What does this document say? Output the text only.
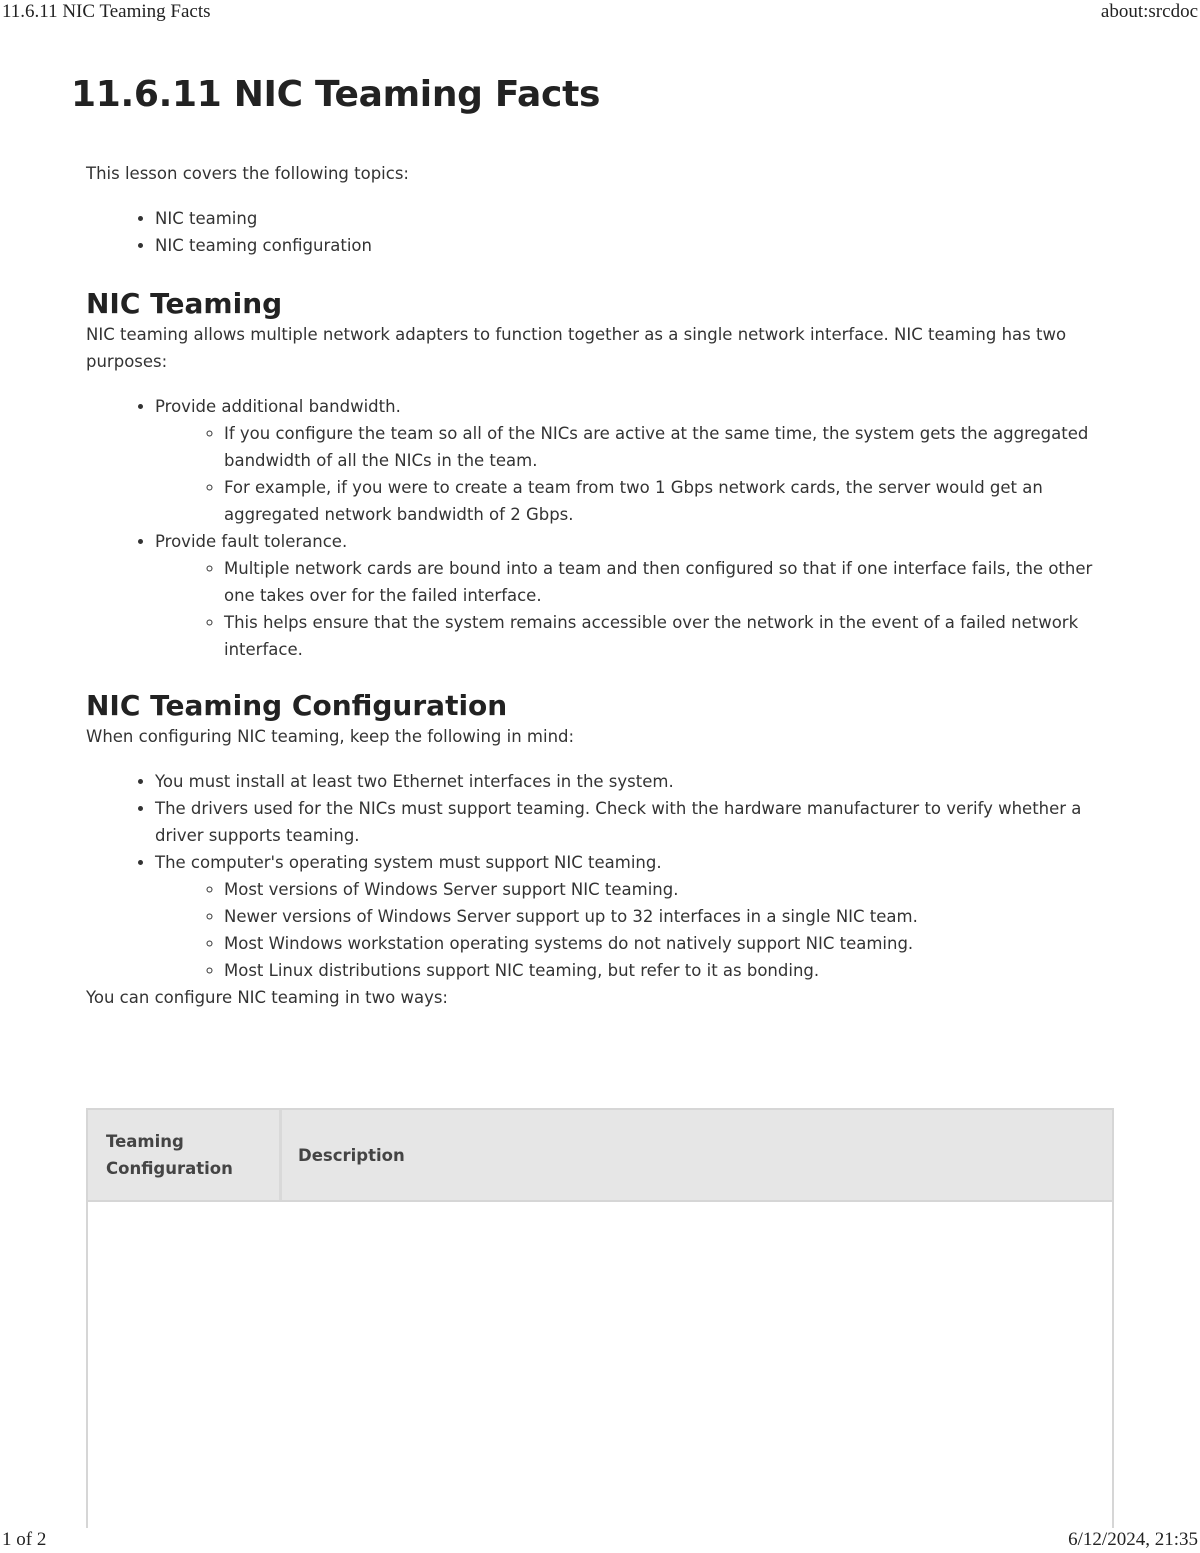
11.6.11 NIC Teaming Facts	about:srcdoc
11.6.11 NIC Teaming Facts

This lesson covers the following topics:

• NIC teaming
• NIC teaming configuration
NIC Teaming

NIC teaming allows multiple network adapters to function together as a single network interface. NIC teaming has two purposes:

• Provide additional bandwidth.
◦ If you configure the team so all of the NICs are active at the same time, the system gets the aggregated bandwidth of all the NICs in the team.
◦ For example, if you were to create a team from two 1 Gbps network cards, the server would get an aggregated network bandwidth of 2 Gbps.
• Provide fault tolerance.
◦ Multiple network cards are bound into a team and then configured so that if one interface fails, the other one takes over for the failed interface.
◦ This helps ensure that the system remains accessible over the network in the event of a failed network interface.
NIC Teaming Configuration

When configuring NIC teaming, keep the following in mind:

• You must install at least two Ethernet interfaces in the system.
• The drivers used for the NICs must support teaming. Check with the hardware manufacturer to verify whether a driver supports teaming.
• The computer's operating system must support NIC teaming.
◦ Most versions of Windows Server support NIC teaming.
◦ Newer versions of Windows Server support up to 32 interfaces in a single NIC team.
◦ Most Windows workstation operating systems do not natively support NIC teaming.
◦ Most Linux distributions support NIC teaming, but refer to it as bonding.

You can configure NIC teaming in two ways:

Teaming Configuration
Description
1 of 2	6/12/2024, 21:35
